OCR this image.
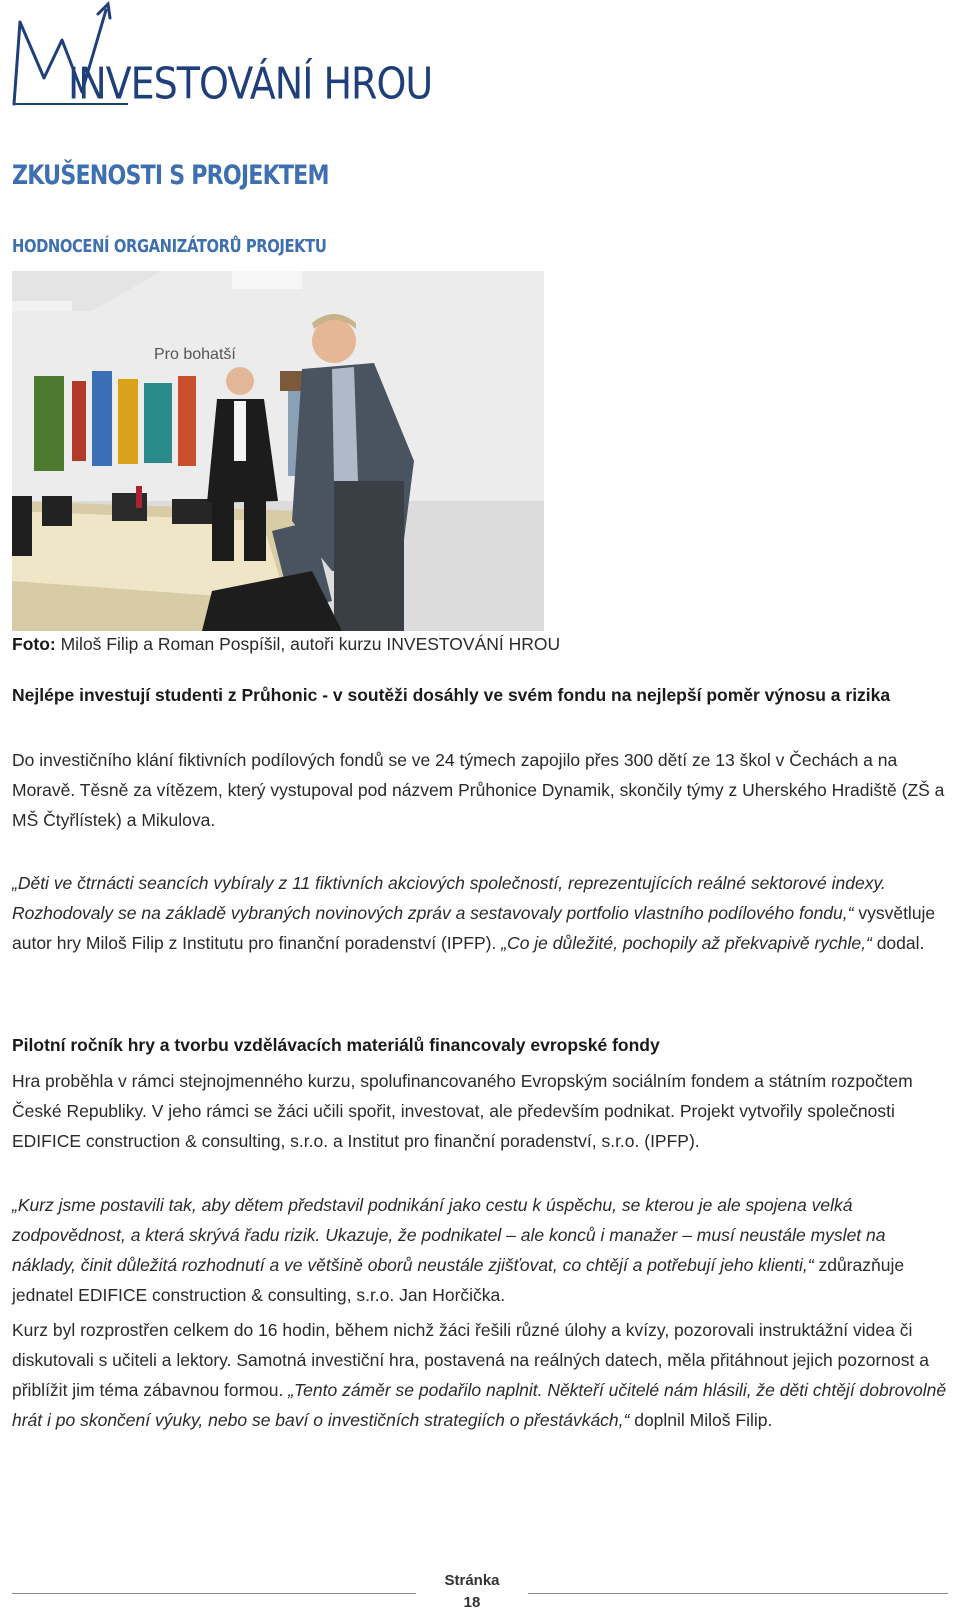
INVESTOVÁNÍ HROU
ZKUŠENOSTI S PROJEKTEM
HODNOCENÍ ORGANIZÁTORŮ PROJEKTU
Pro bohatší

Foto: Miloš Filip a Roman Pospíšil, autoři kurzu INVESTOVÁNÍ HROU

Nejlépe investují studenti z Průhonic - v soutěži dosáhly ve svém fondu na nejlepší poměr výnosu a rizika

Do investičního klání fiktivních podílových fondů se ve 24 týmech zapojilo přes 300 dětí ze 13 škol v Čechách a na Moravě. Těsně za vítězem, který vystupoval pod názvem Průhonice Dynamik, skončily týmy z Uherského Hradiště (ZŠ a MŠ Čtyřlístek) a Mikulova.

„Děti ve čtrnácti seancích vybíraly z 11 fiktivních akciových společností, reprezentujících reálné sektorové indexy. Rozhodovaly se na základě vybraných novinových zpráv a sestavovaly portfolio vlastního podílového fondu,“ vysvětluje autor hry Miloš Filip z Institutu pro finanční poradenství (IPFP). „Co je důležité, pochopily až překvapivě rychle,“ dodal.

Pilotní ročník hry a tvorbu vzdělávacích materiálů financovaly evropské fondy

Hra proběhla v rámci stejnojmenného kurzu, spolufinancovaného Evropským sociálním fondem a státním rozpočtem České Republiky. V jeho rámci se žáci učili spořit, investovat, ale především podnikat. Projekt vytvořily společnosti EDIFICE construction & consulting, s.r.o. a Institut pro finanční poradenství, s.r.o. (IPFP).

„Kurz jsme postavili tak, aby dětem představil podnikání jako cestu k úspěchu, se kterou je ale spojena velká zodpovědnost, a která skrývá řadu rizik. Ukazuje, že podnikatel – ale konců i manažer – musí neustále myslet na náklady, činit důležitá rozhodnutí a ve většině oborů neustále zjišťovat, co chtějí a potřebují jeho klienti,“ zdůrazňuje jednatel EDIFICE construction & consulting, s.r.o. Jan Horčička.

Kurz byl rozprostřen celkem do 16 hodin, během nichž žáci řešili různé úlohy a kvízy, pozorovali instruktážní videa či diskutovali s učiteli a lektory. Samotná investiční hra, postavená na reálných datech, měla přitáhnout jejich pozornost a přiblížit jim téma zábavnou formou. „Tento záměr se podařilo naplnit. Někteří učitelé nám hlásili, že děti chtějí dobrovolně hrát i po skončení výuky, nebo se baví o investičních strategiích o přestávkách,“ doplnil Miloš Filip.

Stránka
18
